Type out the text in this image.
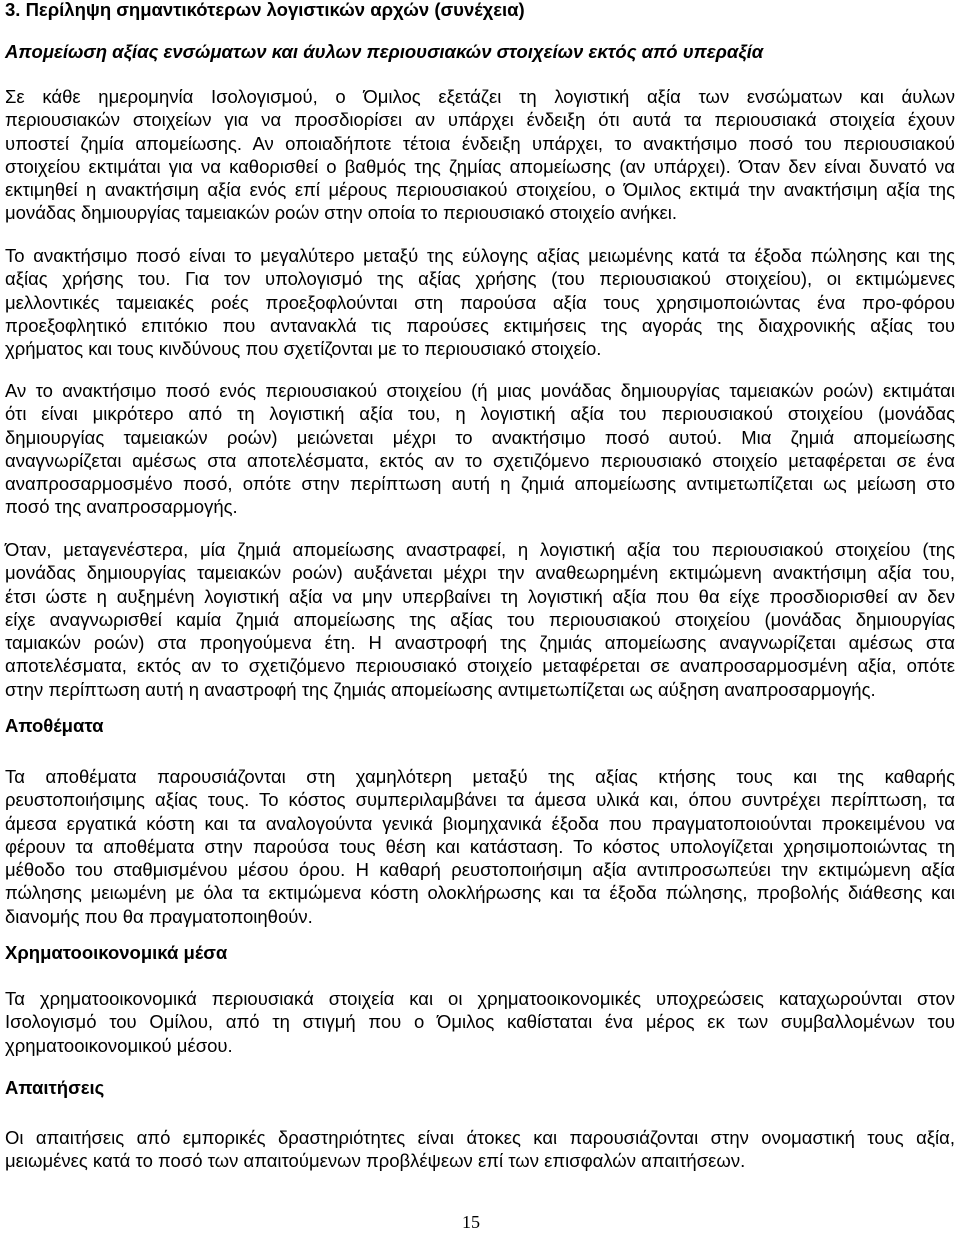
3. Περίληψη σημαντικότερων λογιστικών αρχών (συνέχεια)
Απομείωση αξίας ενσώματων και άυλων περιουσιακών στοιχείων εκτός από υπεραξία
Σε κάθε ημερομηνία Ισολογισμού, ο Όμιλος εξετάζει τη λογιστική αξία των ενσώματων και άυλων
περιουσιακών στοιχείων για να προσδιορίσει αν υπάρχει ένδειξη ότι αυτά τα περιουσιακά στοιχεία έχουν
υποστεί ζημία απομείωσης. Αν οποιαδήποτε τέτοια ένδειξη υπάρχει, το ανακτήσιμο ποσό του περιουσιακού
στοιχείου εκτιμάται για να καθορισθεί ο βαθμός της ζημίας απομείωσης (αν υπάρχει). Όταν δεν είναι δυνατό να
εκτιμηθεί η ανακτήσιμη αξία ενός επί μέρους περιουσιακού στοιχείου, ο Όμιλος εκτιμά την ανακτήσιμη αξία της
μονάδας δημιουργίας ταμειακών ροών στην οποία το περιουσιακό στοιχείο ανήκει.
Το ανακτήσιμο ποσό είναι το μεγαλύτερο μεταξύ της εύλογης αξίας μειωμένης κατά τα έξοδα πώλησης και της
αξίας χρήσης του. Για τον υπολογισμό της αξίας χρήσης (του περιουσιακού στοιχείου), οι εκτιμώμενες
μελλοντικές ταμειακές ροές προεξοφλούνται στη παρούσα αξία τους χρησιμοποιώντας ένα προ-φόρου
προεξοφλητικό επιτόκιο που αντανακλά τις παρούσες εκτιμήσεις της αγοράς της διαχρονικής αξίας του
χρήματος και τους κινδύνους που σχετίζονται με το περιουσιακό στοιχείο.
Αν το ανακτήσιμο ποσό ενός περιουσιακού στοιχείου (ή μιας μονάδας δημιουργίας ταμειακών ροών) εκτιμάται
ότι είναι μικρότερο από τη λογιστική αξία του, η λογιστική αξία του περιουσιακού στοιχείου (μονάδας
δημιουργίας ταμειακών ροών) μειώνεται μέχρι το ανακτήσιμο ποσό αυτού. Μια ζημιά απομείωσης
αναγνωρίζεται αμέσως στα αποτελέσματα, εκτός αν το σχετιζόμενο περιουσιακό στοιχείο μεταφέρεται σε ένα
αναπροσαρμοσμένο ποσό, οπότε στην περίπτωση αυτή η ζημιά απομείωσης αντιμετωπίζεται ως μείωση στο
ποσό της αναπροσαρμογής.
Όταν, μεταγενέστερα, μία ζημιά απομείωσης αναστραφεί, η λογιστική αξία του περιουσιακού στοιχείου (της
μονάδας δημιουργίας ταμειακών ροών) αυξάνεται μέχρι την αναθεωρημένη εκτιμώμενη ανακτήσιμη αξία του,
έτσι ώστε η αυξημένη λογιστική αξία να μην υπερβαίνει τη λογιστική αξία που θα είχε προσδιορισθεί αν δεν
είχε αναγνωρισθεί καμία ζημιά απομείωσης της αξίας του περιουσιακού στοιχείου (μονάδας δημιουργίας
ταμιακών ροών) στα προηγούμενα έτη. Η αναστροφή της ζημιάς απομείωσης αναγνωρίζεται αμέσως στα
αποτελέσματα, εκτός αν το σχετιζόμενο περιουσιακό στοιχείο μεταφέρεται σε αναπροσαρμοσμένη αξία, οπότε
στην περίπτωση αυτή η αναστροφή της ζημιάς απομείωσης αντιμετωπίζεται ως αύξηση αναπροσαρμογής.
Αποθέματα
Τα αποθέματα παρουσιάζονται στη χαμηλότερη μεταξύ της αξίας κτήσης τους και της καθαρής
ρευστοποιήσιμης αξίας τους. Το κόστος συμπεριλαμβάνει τα άμεσα υλικά και, όπου συντρέχει περίπτωση, τα
άμεσα εργατικά κόστη και τα αναλογούντα γενικά βιομηχανικά έξοδα που πραγματοποιούνται προκειμένου να
φέρουν τα αποθέματα στην παρούσα τους θέση και κατάσταση. Το κόστος υπολογίζεται χρησιμοποιώντας τη
μέθοδο του σταθμισμένου μέσου όρου. Η καθαρή ρευστοποιήσιμη αξία αντιπροσωπεύει την εκτιμώμενη αξία
πώλησης μειωμένη με όλα τα εκτιμώμενα κόστη ολοκλήρωσης και τα έξοδα πώλησης, προβολής διάθεσης και
διανομής που θα πραγματοποιηθούν.
Χρηματοοικονομικά μέσα
Τα χρηματοοικονομικά περιουσιακά στοιχεία και οι χρηματοοικονομικές υποχρεώσεις καταχωρούνται στον
Ισολογισμό του Ομίλου, από τη στιγμή που ο Όμιλος καθίσταται ένα μέρος εκ των συμβαλλομένων του
χρηματοοικονομικού μέσου.
Απαιτήσεις
Οι απαιτήσεις από εμπορικές δραστηριότητες είναι άτοκες και παρουσιάζονται στην ονομαστική τους αξία,
μειωμένες κατά το ποσό των απαιτούμενων προβλέψεων επί των επισφαλών απαιτήσεων.
15
